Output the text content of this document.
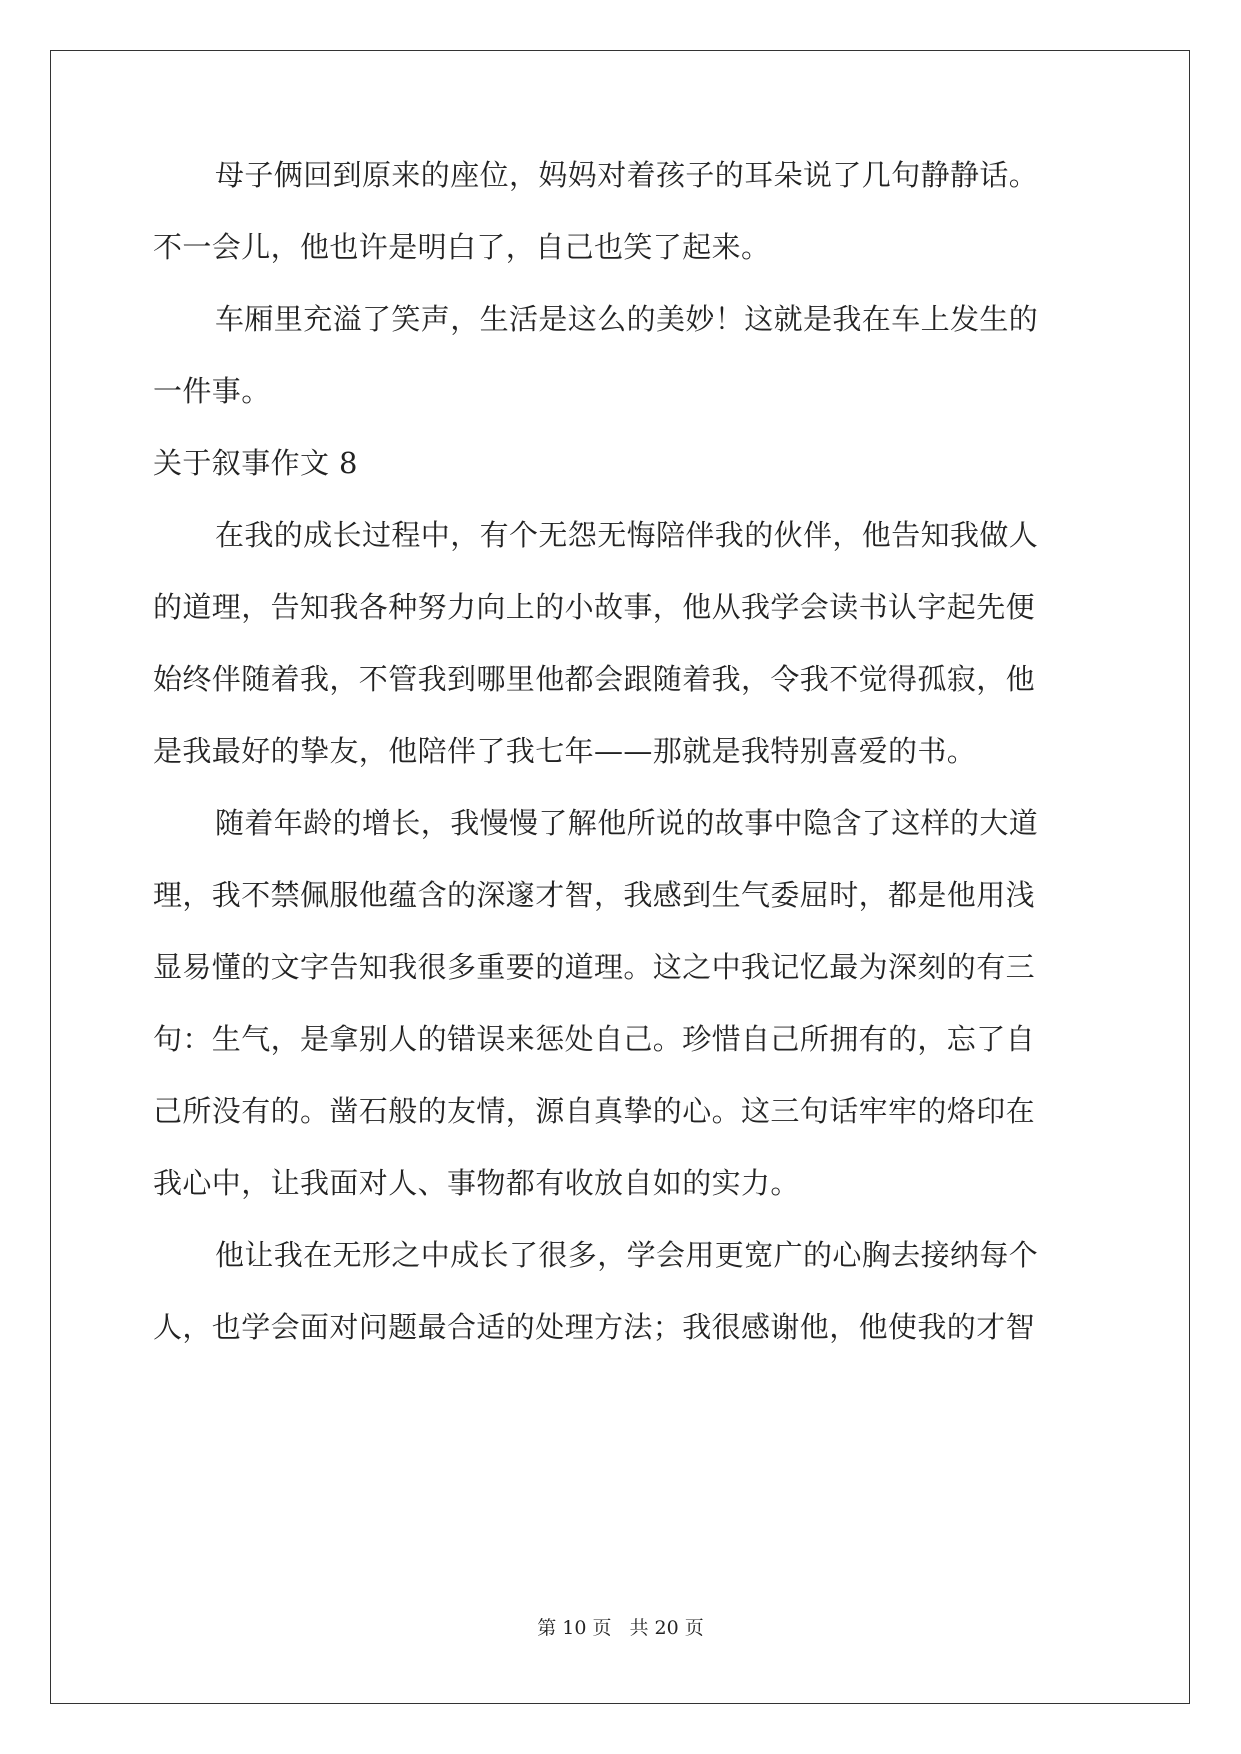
母子俩回到原来的座位，妈妈对着孩子的耳朵说了几句静静话。
不一会儿，他也许是明白了，自己也笑了起来。
车厢里充溢了笑声，生活是这么的美妙！这就是我在车上发生的
一件事。
关于叙事作文 8
在我的成长过程中，有个无怨无悔陪伴我的伙伴，他告知我做人
的道理，告知我各种努力向上的小故事，他从我学会读书认字起先便
始终伴随着我，不管我到哪里他都会跟随着我，令我不觉得孤寂，他
是我最好的挚友，他陪伴了我七年——那就是我特别喜爱的书。
随着年龄的增长，我慢慢了解他所说的故事中隐含了这样的大道
理，我不禁佩服他蕴含的深邃才智，我感到生气委屈时，都是他用浅
显易懂的文字告知我很多重要的道理。这之中我记忆最为深刻的有三
句：生气，是拿别人的错误来惩处自己。珍惜自己所拥有的，忘了自
己所没有的。凿石般的友情，源自真挚的心。这三句话牢牢的烙印在
我心中，让我面对人、事物都有收放自如的实力。
他让我在无形之中成长了很多，学会用更宽广的心胸去接纳每个
人，也学会面对问题最合适的处理方法；我很感谢他，他使我的才智
第 10 页 共 20 页
